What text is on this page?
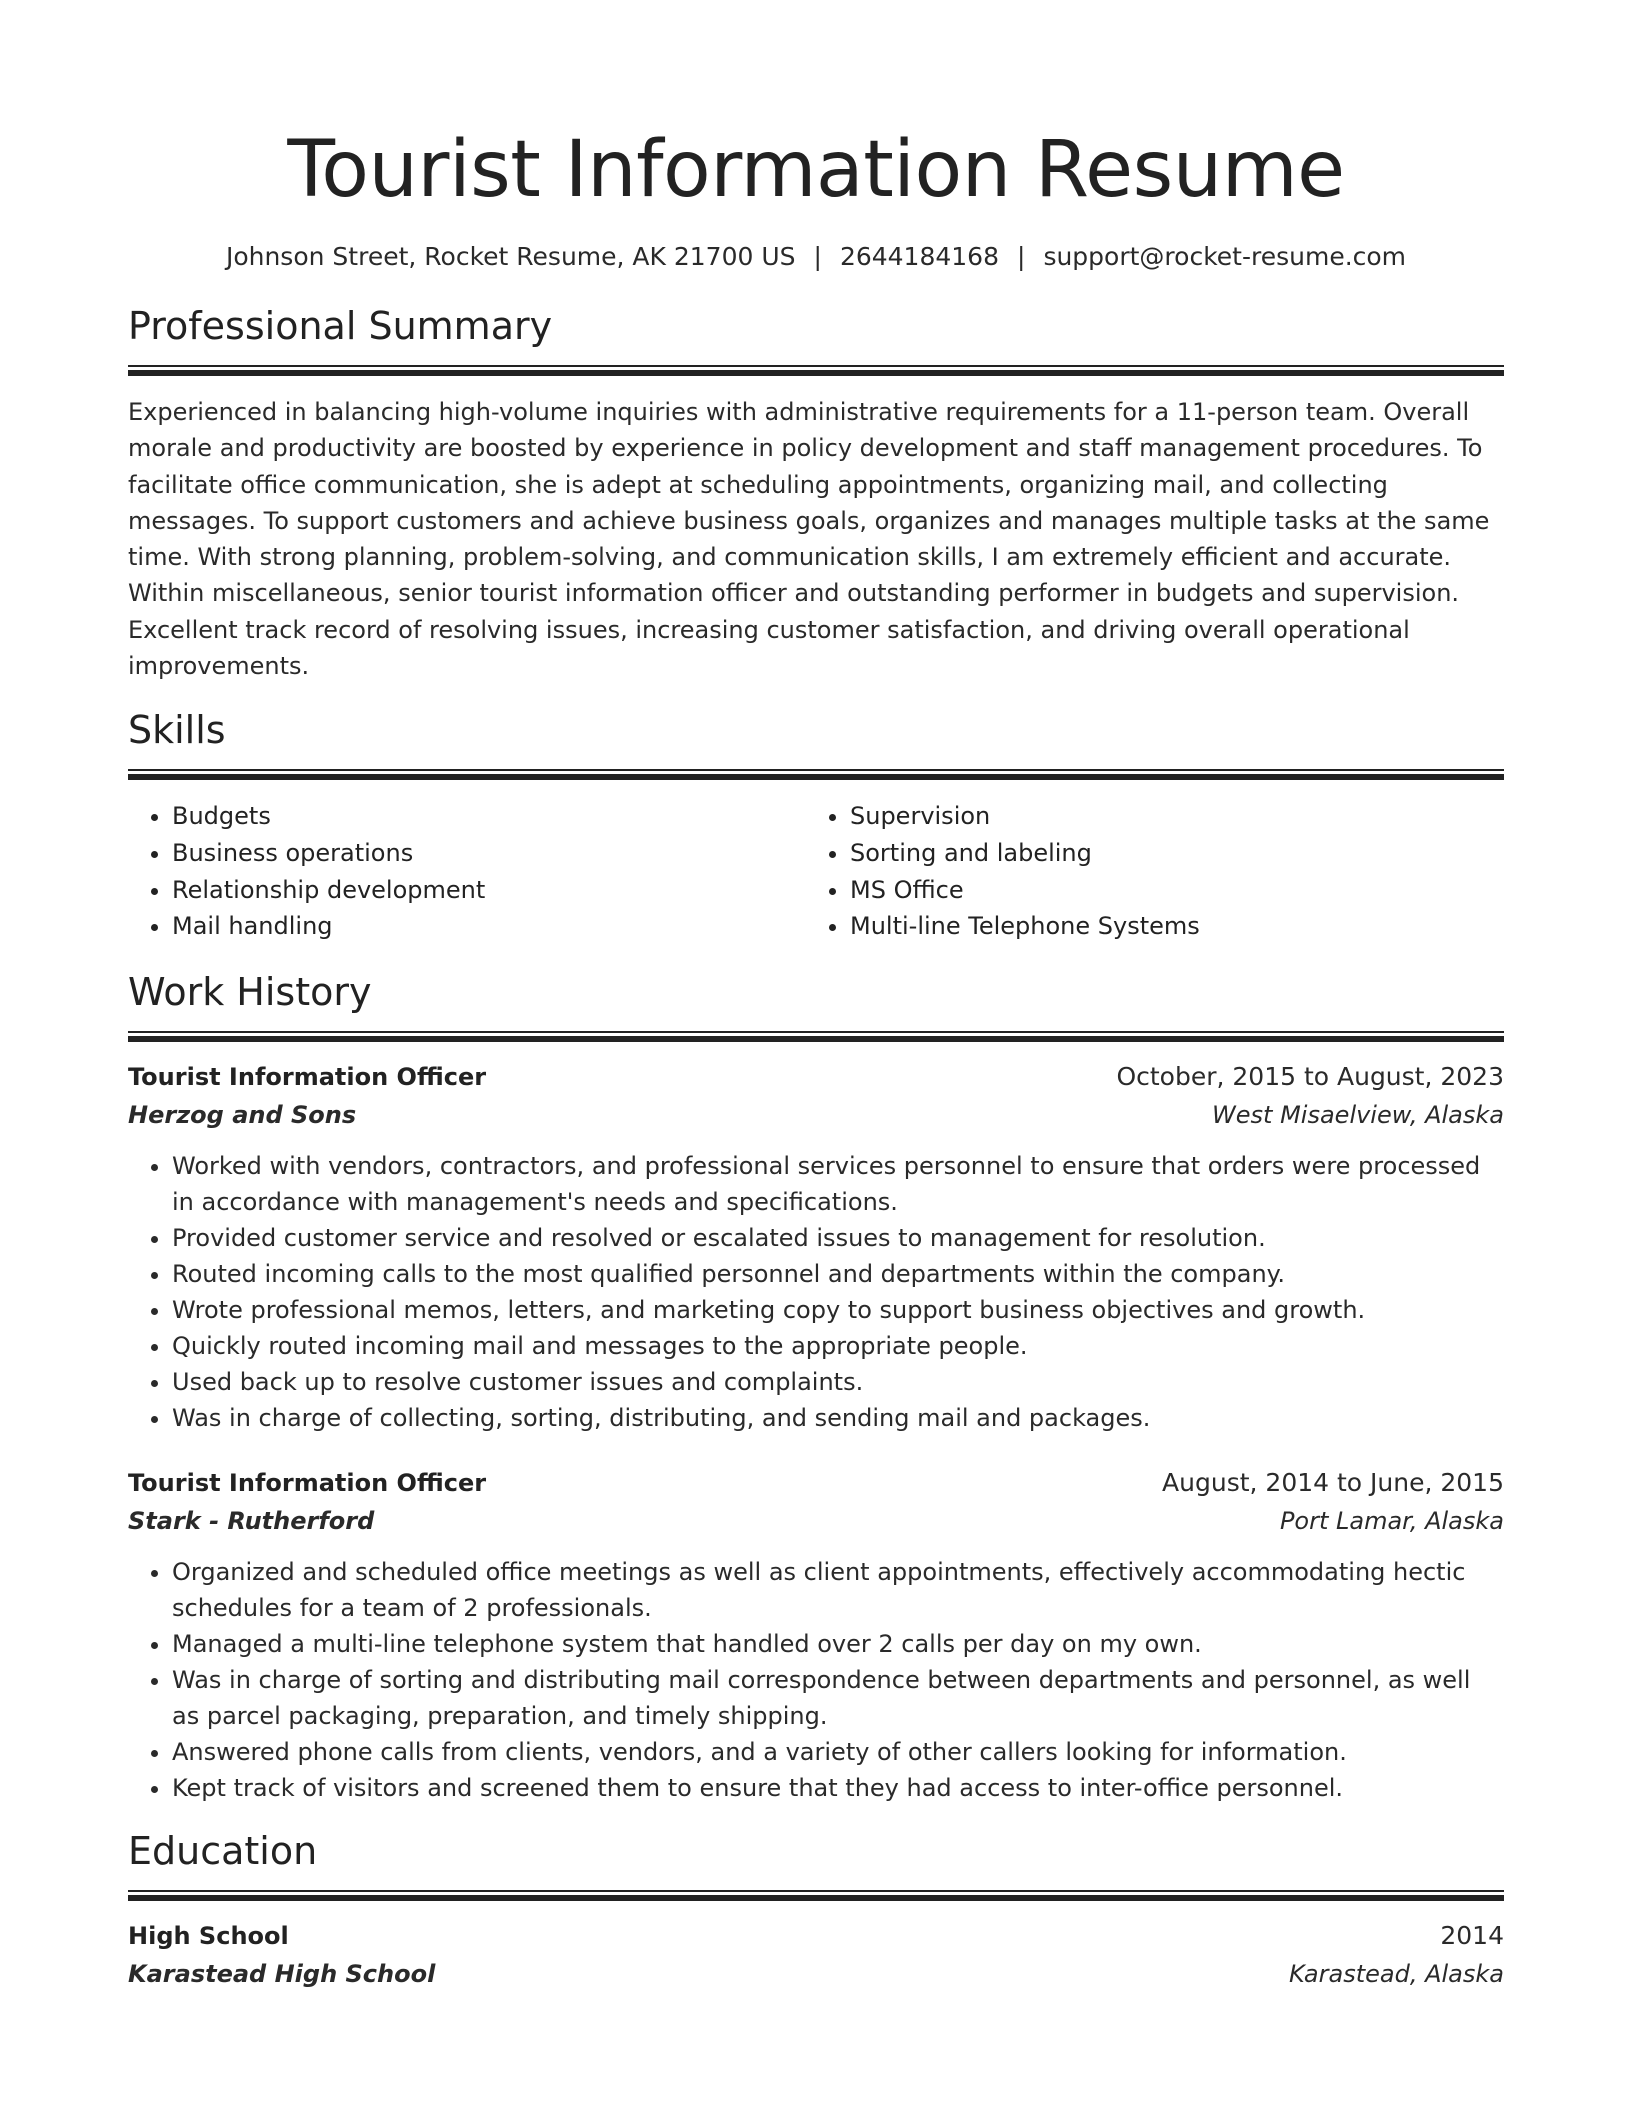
Tourist Information Resume
Johnson Street, Rocket Resume, AK 21700 US | 2644184168 | support@rocket-resume.com
Professional Summary

Experienced in balancing high-volume inquiries with administrative requirements for a 11-person team. Overall morale and productivity are boosted by experience in policy development and staff management procedures. To facilitate office communication, she is adept at scheduling appointments, organizing mail, and collecting messages. To support customers and achieve business goals, organizes and manages multiple tasks at the same time. With strong planning, problem-solving, and communication skills, I am extremely efficient and accurate. Within miscellaneous, senior tourist information officer and outstanding performer in budgets and supervision. Excellent track record of resolving issues, increasing customer satisfaction, and driving overall operational improvements.

Skills
• Budgets
• Business operations
• Relationship development
• Mail handling
• Supervision
• Sorting and labeling
• MS Office
• Multi-line Telephone Systems
Work History
Tourist Information Officer	October, 2015 to August, 2023
Herzog and Sons	West Misaelview, Alaska
• Worked with vendors, contractors, and professional services personnel to ensure that orders were processed in accordance with management's needs and specifications.
• Provided customer service and resolved or escalated issues to management for resolution.
• Routed incoming calls to the most qualified personnel and departments within the company.
• Wrote professional memos, letters, and marketing copy to support business objectives and growth.
• Quickly routed incoming mail and messages to the appropriate people.
• Used back up to resolve customer issues and complaints.
• Was in charge of collecting, sorting, distributing, and sending mail and packages.
Tourist Information Officer	August, 2014 to June, 2015
Stark - Rutherford	Port Lamar, Alaska
• Organized and scheduled office meetings as well as client appointments, effectively accommodating hectic schedules for a team of 2 professionals.
• Managed a multi-line telephone system that handled over 2 calls per day on my own.
• Was in charge of sorting and distributing mail correspondence between departments and personnel, as well as parcel packaging, preparation, and timely shipping.
• Answered phone calls from clients, vendors, and a variety of other callers looking for information.
• Kept track of visitors and screened them to ensure that they had access to inter-office personnel.
Education
High School	2014
Karastead High School	Karastead, Alaska
